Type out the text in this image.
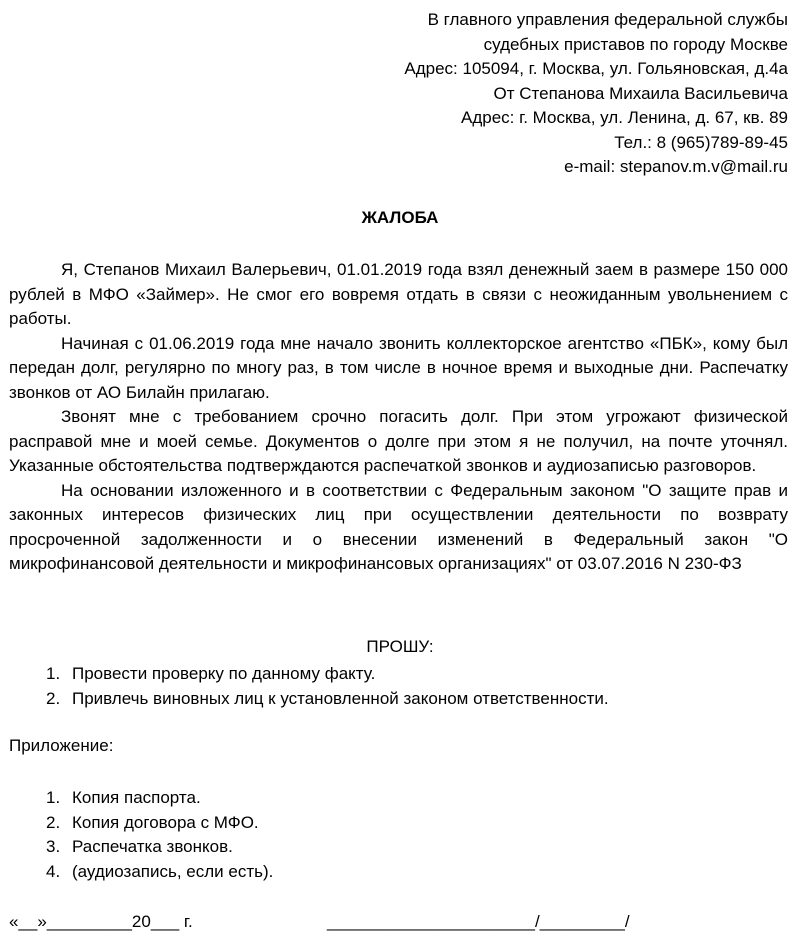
В главного управления федеральной службы
судебных приставов по городу Москве
Адрес: 105094, г. Москва, ул. Гольяновская, д.4а
От Степанова Михаила Васильевича
Адрес: г. Москва, ул. Ленина, д. 67, кв. 89
Тел.: 8 (965)789-89-45
e-mail: stepanov.m.v@mail.ru
ЖАЛОБА

Я, Степанов Михаил Валерьевич, 01.01.2019 года взял денежный заем в размере 150 000 рублей в МФО «Займер». Не смог его вовремя отдать в связи с неожиданным увольнением с работы.

Начиная с 01.06.2019 года мне начало звонить коллекторское агентство «ПБК», кому был передан долг, регулярно по многу раз, в том числе в ночное время и выходные дни. Распечатку звонков от АО Билайн прилагаю.

Звонят мне с требованием срочно погасить долг. При этом угрожают физической расправой мне и моей семье. Документов о долге при этом я не получил, на почте уточнял. Указанные обстоятельства подтверждаются распечаткой звонков и аудиозаписью разговоров.

На основании изложенного и в соответствии с Федеральным законом "О защите прав и законных интересов физических лиц при осуществлении деятельности по возврату просроченной задолженности и о внесении изменений в Федеральный закон "О микрофинансовой деятельности и микрофинансовых организациях" от 03.07.2016 N 230-ФЗ

ПРОШУ:
1. Провести проверку по данному факту.
2. Привлечь виновных лиц к установленной законом ответственности.
Приложение:
1. Копия паспорта.
2. Копия договора с МФО.
3. Распечатка звонков.
4. (аудиозапись, если есть).
«__»_________20___ г.	______________________/_________/
